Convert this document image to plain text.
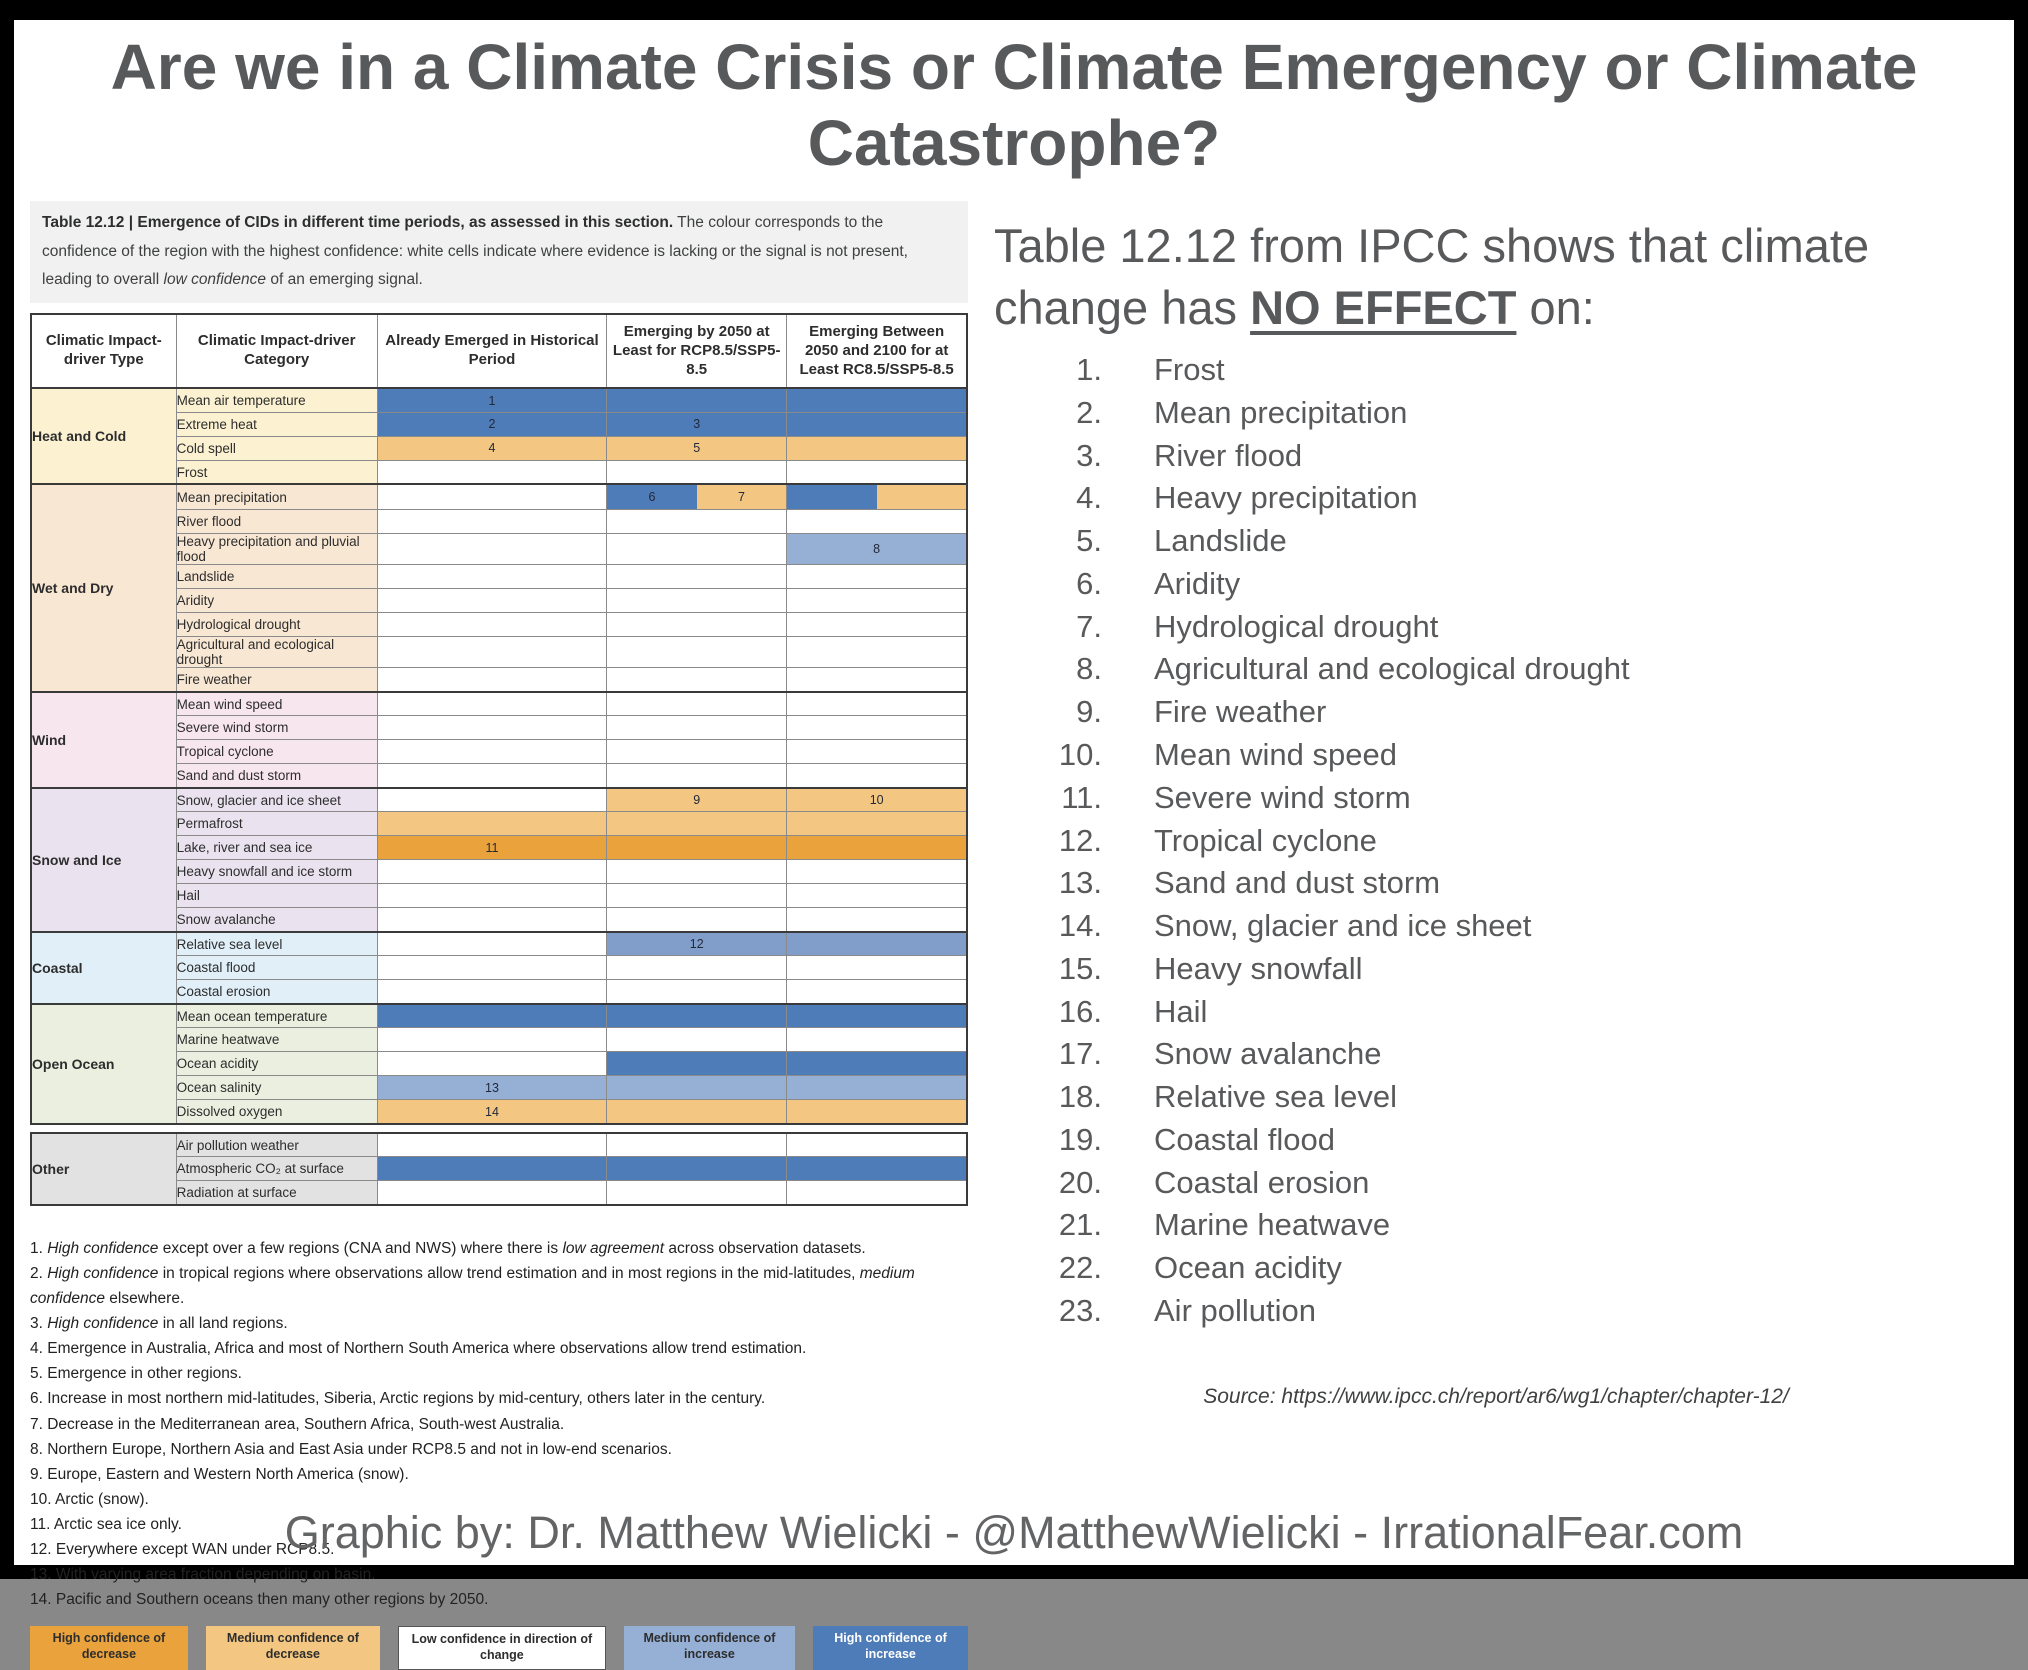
Are we in a Climate Crisis or Climate Emergency or Climate Catastrophe?
Table 12.12 | Emergence of CIDs in different time periods, as assessed in this section. The colour corresponds to the confidence of the region with the highest confidence: white cells indicate where evidence is lacking or the signal is not present, leading to overall low confidence of an emerging signal.
Climatic Impact-driver Type	Climatic Impact-driver Category	Already Emerged in Historical Period	Emerging by 2050 at Least for RCP8.5/SSP5-8.5	Emerging Between 2050 and 2100 for at Least RC8.5/SSP5-8.5
Heat and Cold	Mean air temperature	1		
	Extreme heat	2	3	
	Cold spell	4	5	
	Frost			
Wet and Dry	Mean precipitation		6 7	

	River flood			
	Heavy precipitation and pluvial flood			8
	Landslide			
	Aridity			
	Hydrological drought			
	Agricultural and ecological drought			
	Fire weather			
Wind	Mean wind speed			
	Severe wind storm			
	Tropical cyclone			
	Sand and dust storm			
Snow and Ice	Snow, glacier and ice sheet		9	10
	Permafrost			
	Lake, river and sea ice	11		
	Heavy snowfall and ice storm			
	Hail			
	Snow avalanche			
Coastal	Relative sea level		12	
	Coastal flood			
	Coastal erosion			
Open Ocean	Mean ocean temperature			
	Marine heatwave			
	Ocean acidity			
	Ocean salinity	13		
	Dissolved oxygen	14		
Other	Air pollution weather			
	Atmospheric CO₂ at surface			
	Radiation at surface			
1. High confidence except over a few regions (CNA and NWS) where there is low agreement across observation datasets.
2. High confidence in tropical regions where observations allow trend estimation and in most regions in the mid-latitudes, medium confidence elsewhere.
3. High confidence in all land regions.
4. Emergence in Australia, Africa and most of Northern South America where observations allow trend estimation.
5. Emergence in other regions.
6. Increase in most northern mid-latitudes, Siberia, Arctic regions by mid-century, others later in the century.
7. Decrease in the Mediterranean area, Southern Africa, South-west Australia.
8. Northern Europe, Northern Asia and East Asia under RCP8.5 and not in low-end scenarios.
9. Europe, Eastern and Western North America (snow).
10. Arctic (snow).
11. Arctic sea ice only.
12. Everywhere except WAN under RCP8.5.
13. With varying area fraction depending on basin.
14. Pacific and Southern oceans then many other regions by 2050.
High confidence of decrease
Medium confidence of decrease
Low confidence in direction of change
Medium confidence of increase
High confidence of increase
Table 12.12 from IPCC shows that climate change has NO EFFECT on:
1.	Frost
2.	Mean precipitation
3.	River flood
4.	Heavy precipitation
5.	Landslide
6.	Aridity
7.	Hydrological drought
8.	Agricultural and ecological drought
9.	Fire weather
10.	Mean wind speed
11.	Severe wind storm
12.	Tropical cyclone
13.	Sand and dust storm
14.	Snow, glacier and ice sheet
15.	Heavy snowfall
16.	Hail
17.	Snow avalanche
18.	Relative sea level
19.	Coastal flood
20.	Coastal erosion
21.	Marine heatwave
22.	Ocean acidity
23.	Air pollution
Source: https://www.ipcc.ch/report/ar6/wg1/chapter/chapter-12/
Graphic by: Dr. Matthew Wielicki - @MatthewWielicki - IrrationalFear.com
